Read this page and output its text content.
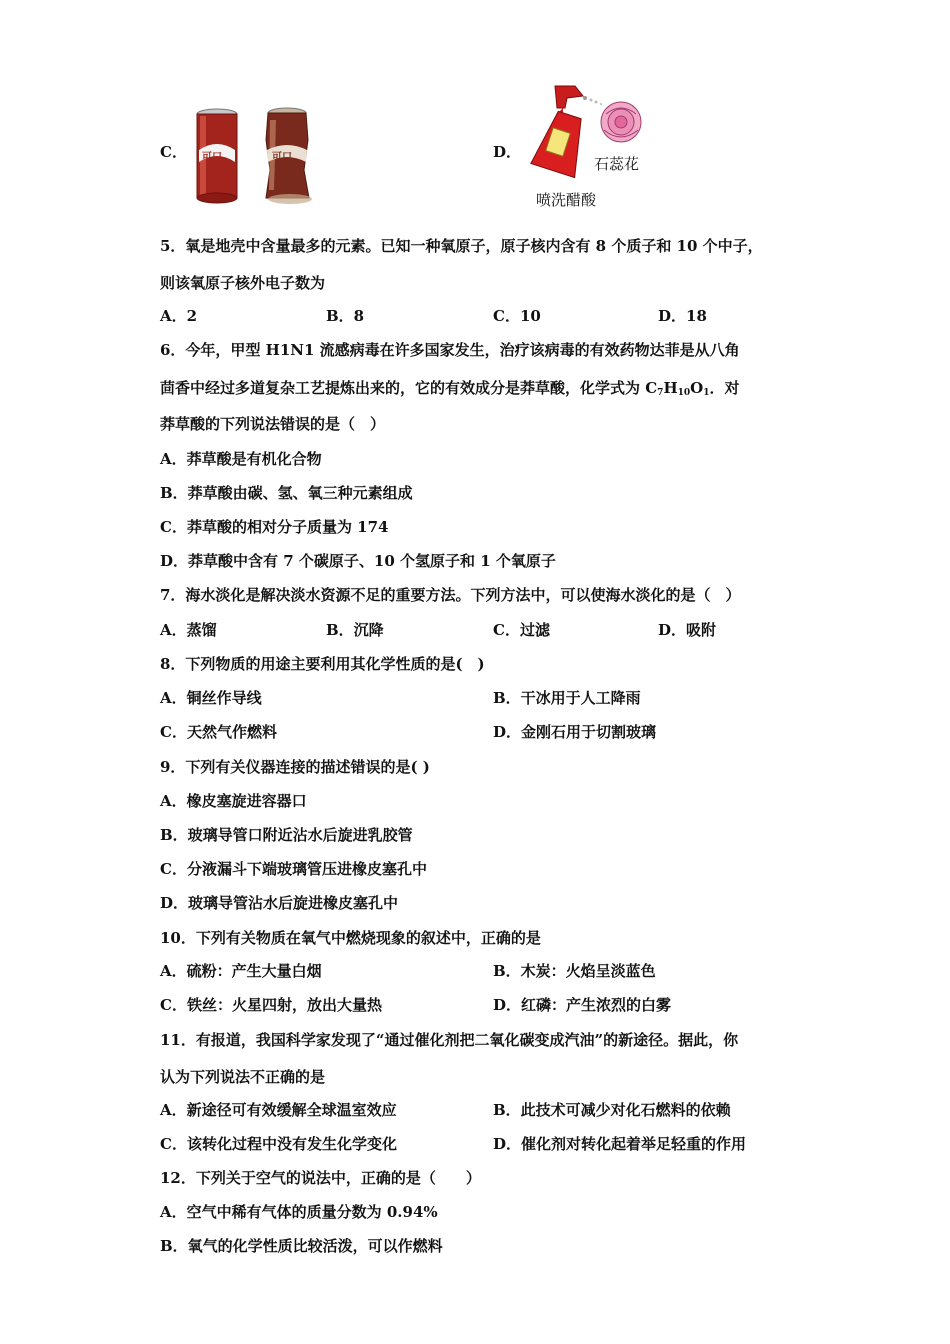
C． 可口	可口	D．
石蕊花
喷洗醋酸
5．氧是地壳中含量最多的元素。已知一种氧原子，原子核内含有 8 个质子和 10 个中子，
则该氧原子核外电子数为
A．2	B．8	C．10	D．18
6．今年，甲型 H1N1 流感病毒在许多国家发生，治疗该病毒的有效药物达菲是从八角
茴香中经过多道复杂工艺提炼出来的，它的有效成分是莽草酸，化学式为 $C_7H_{10}O_1$．对
莽草酸的下列说法错误的是（　）
A．莽草酸是有机化合物
B．莽草酸由碳、氢、氧三种元素组成
C．莽草酸的相对分子质量为 174
D．莽草酸中含有 7 个碳原子、10 个氢原子和 1 个氧原子
7．海水淡化是解决淡水资源不足的重要方法。下列方法中，可以使海水淡化的是（　）
A．蒸馏	B．沉降	C．过滤	D．吸附
8．下列物质的用途主要利用其化学性质的是(　)
A．铜丝作导线	B．干冰用于人工降雨
C．天然气作燃料	D．金刚石用于切割玻璃
9．下列有关仪器连接的描述错误的是( )
A．橡皮塞旋进容器口
B．玻璃导管口附近沾水后旋进乳胶管
C．分液漏斗下端玻璃管压进橡皮塞孔中
D．玻璃导管沾水后旋进橡皮塞孔中
10．下列有关物质在氧气中燃烧现象的叙述中，正确的是
A．硫粉：产生大量白烟	B．木炭：火焰呈淡蓝色
C．铁丝：火星四射，放出大量热	D．红磷：产生浓烈的白雾
11．有报道，我国科学家发现了“通过催化剂把二氧化碳变成汽油”的新途径。据此，你
认为下列说法不正确的是
A．新途径可有效缓解全球温室效应	B．此技术可减少对化石燃料的依赖
C．该转化过程中没有发生化学变化	D．催化剂对转化起着举足轻重的作用
12．下列关于空气的说法中，正确的是（　　）
A．空气中稀有气体的质量分数为 0.94%
B．氧气的化学性质比较活泼，可以作燃料
